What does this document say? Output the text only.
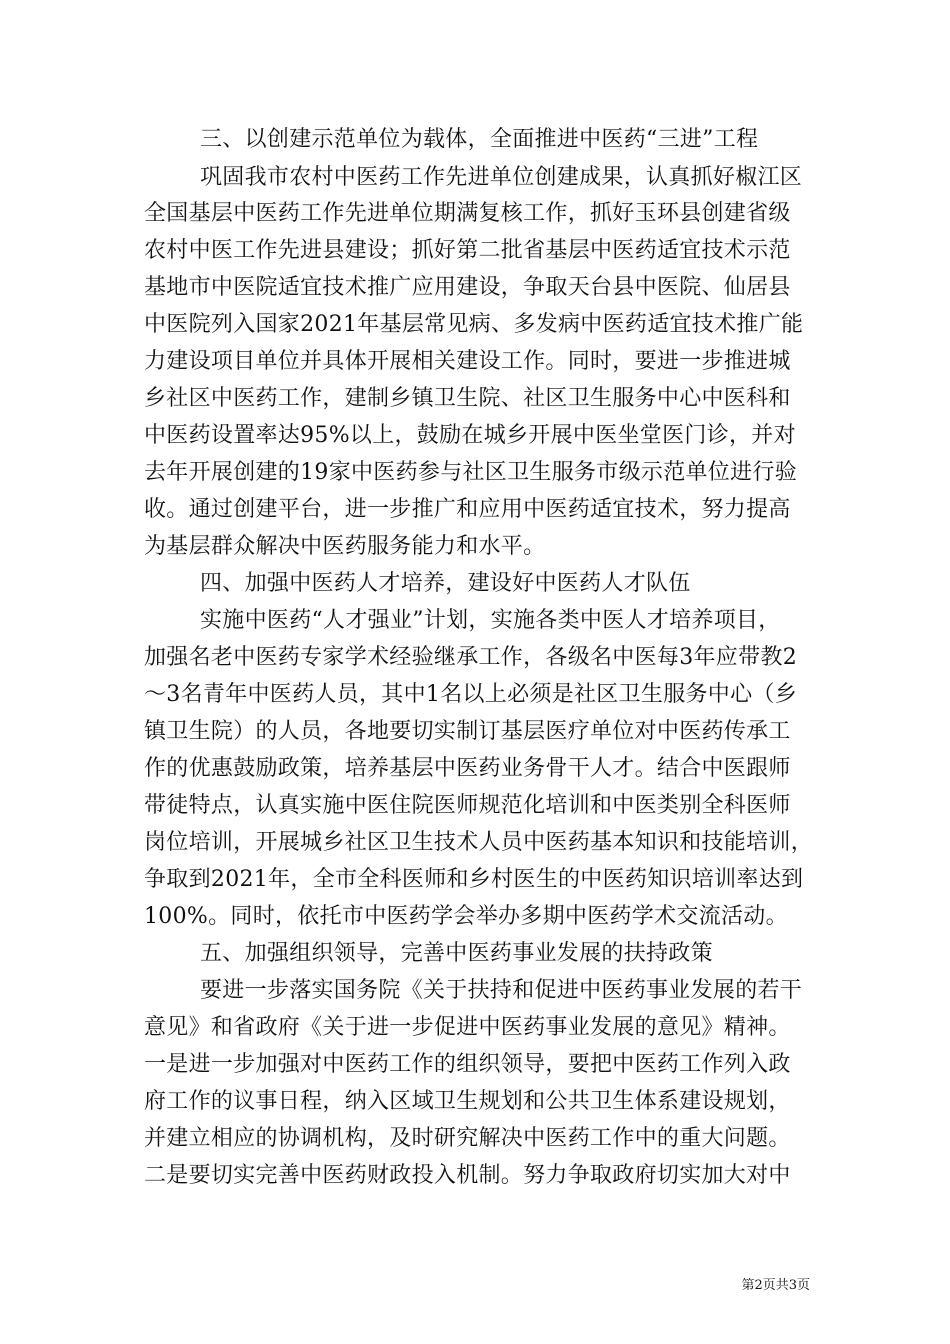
三、以创建示范单位为载体，全面推进中医药“三进”工程
巩固我市农村中医药工作先进单位创建成果，认真抓好椒江区
全国基层中医药工作先进单位期满复核工作，抓好玉环县创建省级
农村中医工作先进县建设；抓好第二批省基层中医药适宜技术示范
基地市中医院适宜技术推广应用建设，争取天台县中医院、仙居县
中医院列入国家2021年基层常见病、多发病中医药适宜技术推广能
力建设项目单位并具体开展相关建设工作。同时，要进一步推进城
乡社区中医药工作，建制乡镇卫生院、社区卫生服务中心中医科和
中医药设置率达95%以上，鼓励在城乡开展中医坐堂医门诊，并对
去年开展创建的19家中医药参与社区卫生服务市级示范单位进行验
收。通过创建平台，进一步推广和应用中医药适宜技术，努力提高
为基层群众解决中医药服务能力和水平。
四、加强中医药人才培养，建设好中医药人才队伍
实施中医药“人才强业”计划，实施各类中医人才培养项目，
加强名老中医药专家学术经验继承工作，各级名中医每3年应带教2
～3名青年中医药人员，其中1名以上必须是社区卫生服务中心（乡
镇卫生院）的人员，各地要切实制订基层医疗单位对中医药传承工
作的优惠鼓励政策，培养基层中医药业务骨干人才。结合中医跟师
带徒特点，认真实施中医住院医师规范化培训和中医类别全科医师
岗位培训，开展城乡社区卫生技术人员中医药基本知识和技能培训，
争取到2021年，全市全科医师和乡村医生的中医药知识培训率达到
100%。同时，依托市中医药学会举办多期中医药学术交流活动。
五、加强组织领导，完善中医药事业发展的扶持政策
要进一步落实国务院《关于扶持和促进中医药事业发展的若干
意见》和省政府《关于进一步促进中医药事业发展的意见》精神。
一是进一步加强对中医药工作的组织领导，要把中医药工作列入政
府工作的议事日程，纳入区域卫生规划和公共卫生体系建设规划，
并建立相应的协调机构，及时研究解决中医药工作中的重大问题。
二是要切实完善中医药财政投入机制。努力争取政府切实加大对中
第2页共3页
